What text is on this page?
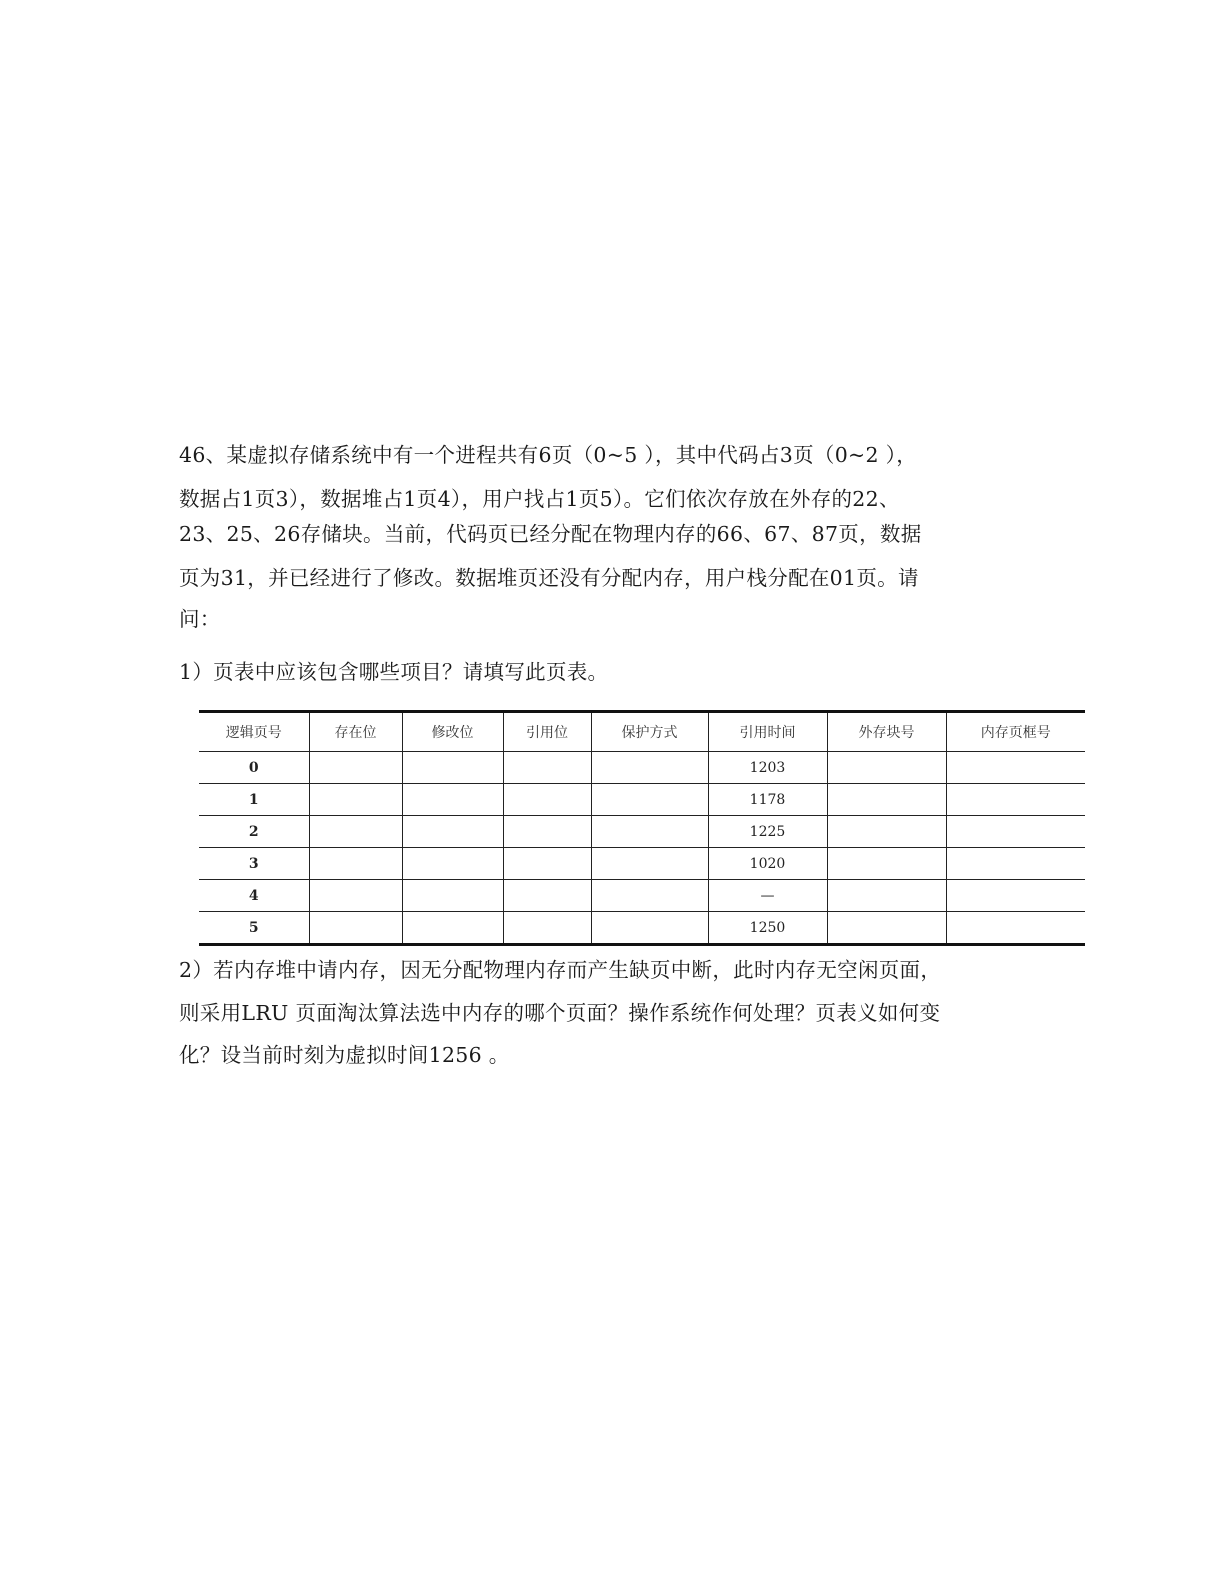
46、某虚拟存储系统中有一个进程共有6页（0~5 ），其中代码占3页（0~2 ），
数据占1页3），数据堆占1页4），用户找占1页5）。它们依次存放在外存的22、
23、25、26存储块。当前，代码页已经分配在物理内存的66、67、87页，数据
页为31，并已经进行了修改。数据堆页还没有分配内存，用户栈分配在01页。请
问：
1）页表中应该包含哪些项目？请填写此页表。
逻辑页号	存在位	修改位	引用位	保护方式	引用时间	外存块号	内存页框号
0					1203		
1					1178		
2					1225		
3					1020		
4					—		
5					1250		
2）若内存堆中请内存，因无分配物理内存而产生缺页中断，此时内存无空闲页面，
则采用LRU 页面淘汰算法选中内存的哪个页面？操作系统作何处理？页表义如何变
化？设当前时刻为虚拟时间1256 。
